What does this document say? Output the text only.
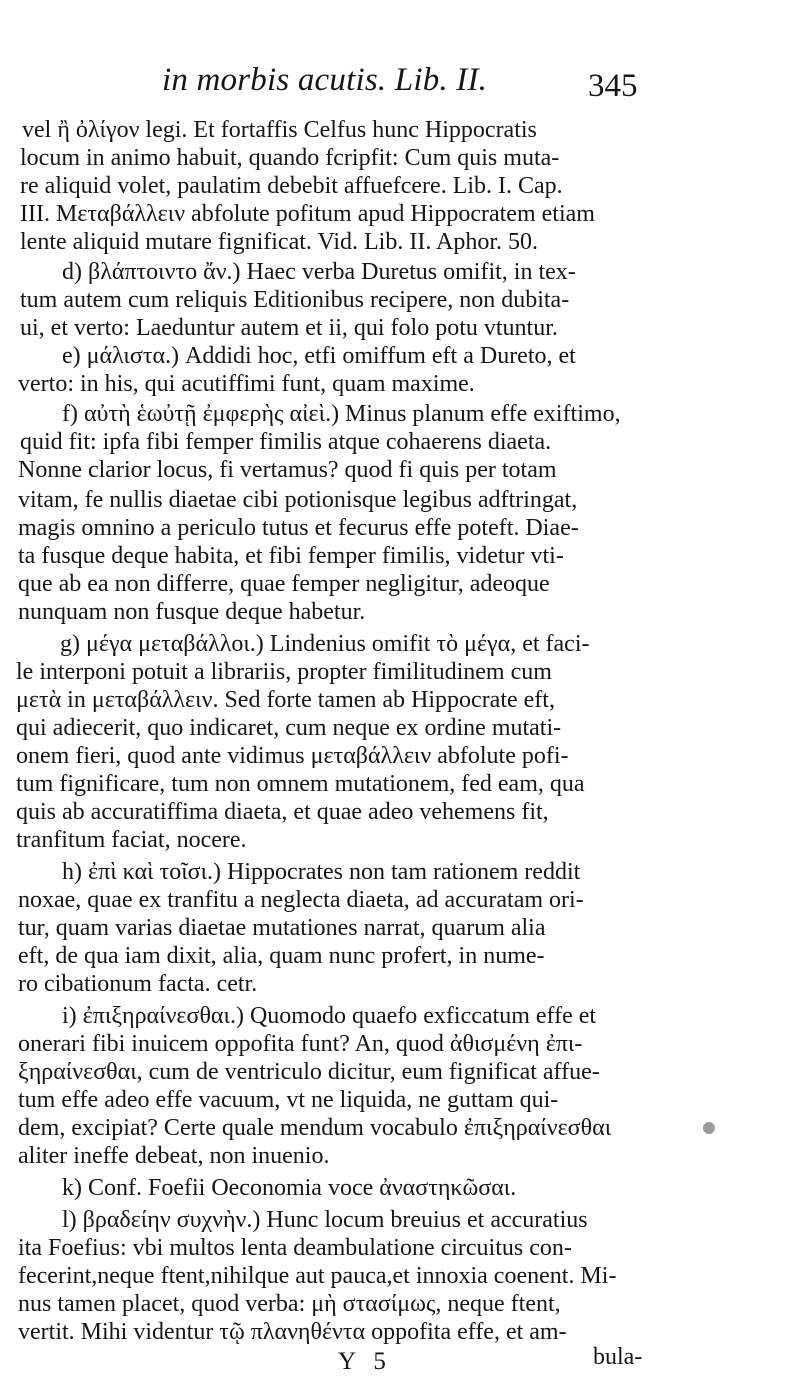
in morbis acutis. Lib. II.	345
vel ἢ ὀλίγον legi. Et fortaffis Celfus hunc Hippocratis
locum in animo habuit, quando fcripfit: Cum quis muta-
re aliquid volet, paulatim debebit affuefcere. Lib. I. Cap.
III. Μεταβάλλειν abfolute pofitum apud Hippocratem etiam
lente aliquid mutare fignificat. Vid. Lib. II. Aphor. 50.
d) βλάπτοιντο ἄν.) Haec verba Duretus omifit, in tex-
tum autem cum reliquis Editionibus recipere, non dubita-
ui, et verto: Laeduntur autem et ii, qui folo potu vtuntur.
e) μάλιστα.) Addidi hoc, etfi omiffum eft a Dureto, et
verto: in his, qui acutiffimi funt, quam maxime.
f) αὐτὴ ἑωὐτῇ ἐμφερὴς αἰεὶ.) Minus planum effe exiftimo,
quid fit: ipfa fibi femper fimilis atque cohaerens diaeta.
Nonne clarior locus, fi vertamus? quod fi quis per totam
vitam, fe nullis diaetae cibi potionisque legibus adftringat,
magis omnino a periculo tutus et fecurus effe poteft. Diae-
ta fusque deque habita, et fibi femper fimilis, videtur vti-
que ab ea non differre, quae femper negligitur, adeoque
nunquam non fusque deque habetur.
g) μέγα μεταβάλλοι.) Lindenius omifit τὸ μέγα, et faci-
le interponi potuit a librariis, propter fimilitudinem cum
μετὰ in μεταβάλλειν. Sed forte tamen ab Hippocrate eft,
qui adiecerit, quo indicaret, cum neque ex ordine mutati-
onem fieri, quod ante vidimus μεταβάλλειν abfolute pofi-
tum fignificare, tum non omnem mutationem, fed eam, qua
quis ab accuratiffima diaeta, et quae adeo vehemens fit,
tranfitum faciat, nocere.
h) ἐπὶ καὶ τοῖσι.) Hippocrates non tam rationem reddit
noxae, quae ex tranfitu a neglecta diaeta, ad accuratam ori-
tur, quam varias diaetae mutationes narrat, quarum alia
eft, de qua iam dixit, alia, quam nunc profert, in nume-
ro cibationum facta. cetr.
i) ἐπιξηραίνεσθαι.) Quomodo quaefo exficcatum effe et
onerari fibi inuicem oppofita funt? An, quod ἀθισμένη ἐπι-
ξηραίνεσθαι, cum de ventriculo dicitur, eum fignificat affue-
tum effe adeo effe vacuum, vt ne liquida, ne guttam qui-
dem, excipiat? Certe quale mendum vocabulo ἐπιξηραίνεσθαι
aliter ineffe debeat, non inuenio.
k) Conf. Foefii Oeconomia voce ἀναστηκῶσαι.
l) βραδείην συχνὴν.) Hunc locum breuius et accuratius
ita Foefius: vbi multos lenta deambulatione circuitus con-
fecerint,neque ftent,nihilque aut pauca,et innoxia coenent. Mi-
nus tamen placet, quod verba: μὴ στασίμως, neque ftent,
vertit. Mihi videntur τῷ πλανηθέντα oppofita effe, et am-
Y 5	bula-
